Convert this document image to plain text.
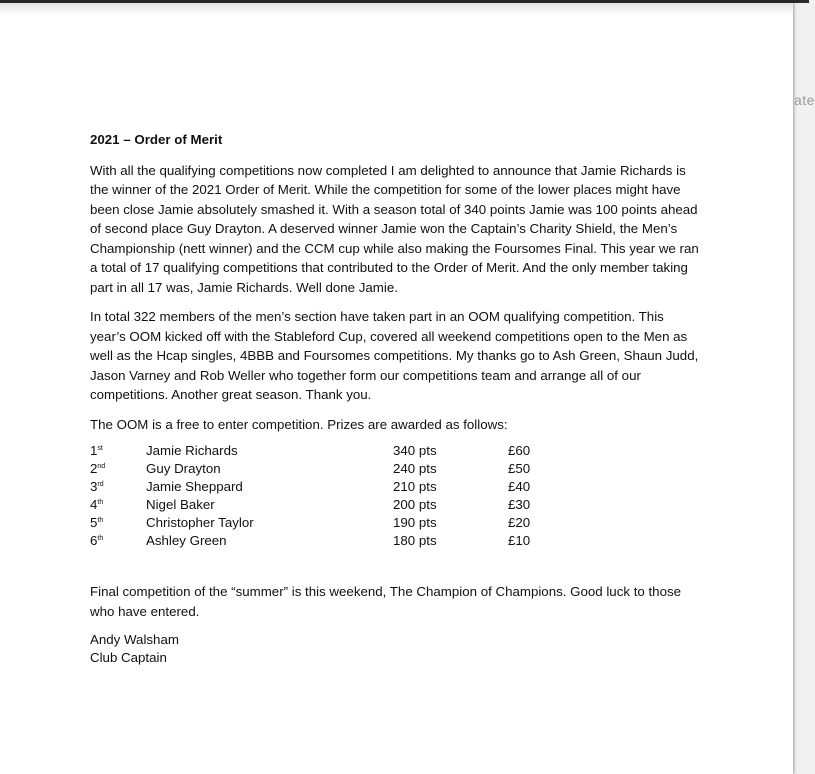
ate
2021 – Order of Merit
With all the qualifying competitions now completed I am delighted to announce that Jamie Richards is the winner of the 2021 Order of Merit. While the competition for some of the lower places might have been close Jamie absolutely smashed it. With a season total of 340 points Jamie was 100 points ahead of second place Guy Drayton. A deserved winner Jamie won the Captain’s Charity Shield, the Men’s Championship (nett winner) and the CCM cup while also making the Foursomes Final. This year we ran a total of 17 qualifying competitions that contributed to the Order of Merit. And the only member taking part in all 17 was, Jamie Richards. Well done Jamie.
In total 322 members of the men’s section have taken part in an OOM qualifying competition. This year’s OOM kicked off with the Stableford Cup, covered all weekend competitions open to the Men as well as the Hcap singles, 4BBB and Foursomes competitions. My thanks go to Ash Green, Shaun Judd, Jason Varney and Rob Weller who together form our competitions team and arrange all of our competitions. Another great season. Thank you.
The OOM is a free to enter competition. Prizes are awarded as follows:
1st	Jamie Richards	340 pts	£60
2nd	Guy Drayton	240 pts	£50
3rd	Jamie Sheppard	210 pts	£40
4th	Nigel Baker	200 pts	£30
5th	Christopher Taylor	190 pts	£20
6th	Ashley Green	180 pts	£10
Final competition of the “summer” is this weekend, The Champion of Champions. Good luck to those who have entered.
Andy Walsham
Club Captain
